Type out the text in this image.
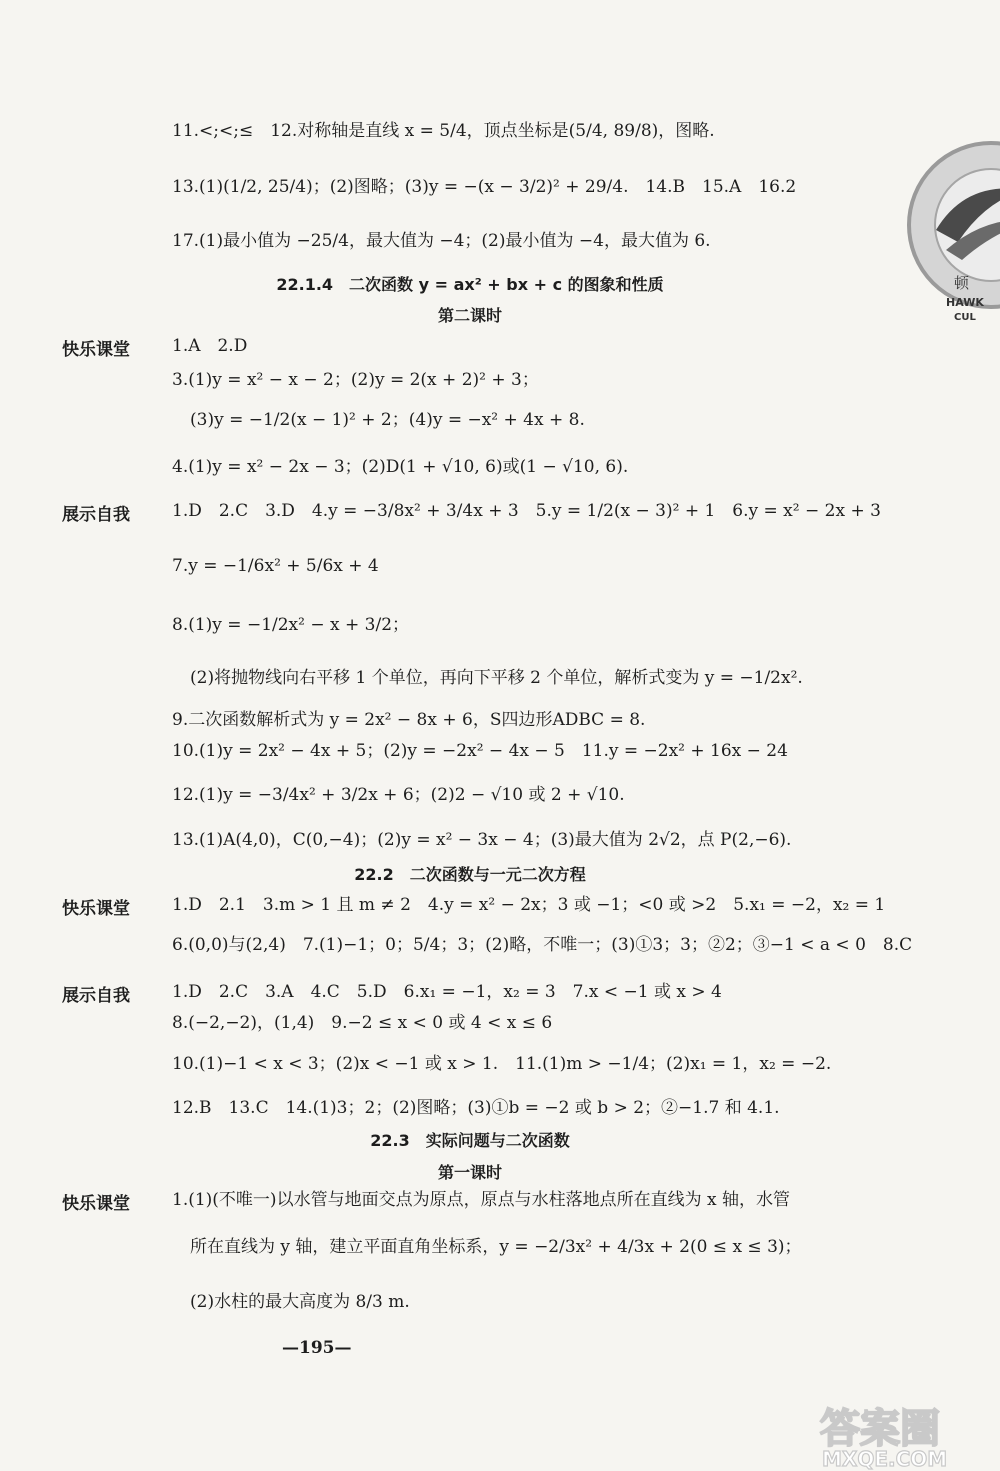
顿
HAWK
CUL
11.<;<;≤　12.对称轴是直线 x = 5/4，顶点坐标是(5/4, 89/8)，图略.
13.(1)(1/2, 25/4)；(2)图略；(3)y = −(x − 3/2)² + 29/4.　14.B　15.A　16.2
17.(1)最小值为 −25/4，最大值为 −4；(2)最小值为 −4，最大值为 6.
22.1.4　二次函数 y = ax² + bx + c 的图象和性质
第二课时
快乐课堂 1.A　2.D
3.(1)y = x² − x − 2；(2)y = 2(x + 2)² + 3；
(3)y = −1/2(x − 1)² + 2；(4)y = −x² + 4x + 8.
4.(1)y = x² − 2x − 3；(2)D(1 + √10, 6)或(1 − √10, 6).
展示自我 1.D　2.C　3.D　4.y = −3/8x² + 3/4x + 3　5.y = 1/2(x − 3)² + 1　6.y = x² − 2x + 3
7.y = −1/6x² + 5/6x + 4
8.(1)y = −1/2x² − x + 3/2；
(2)将抛物线向右平移 1 个单位，再向下平移 2 个单位，解析式变为 y = −1/2x².
9.二次函数解析式为 y = 2x² − 8x + 6，S四边形ADBC = 8.
10.(1)y = 2x² − 4x + 5；(2)y = −2x² − 4x − 5　11.y = −2x² + 16x − 24
12.(1)y = −3/4x² + 3/2x + 6；(2)2 − √10 或 2 + √10.
13.(1)A(4,0)，C(0,−4)；(2)y = x² − 3x − 4；(3)最大值为 2√2，点 P(2,−6).
22.2　二次函数与一元二次方程
快乐课堂 1.D　2.1　3.m > 1 且 m ≠ 2　4.y = x² − 2x；3 或 −1；<0 或 >2　5.x₁ = −2，x₂ = 1
6.(0,0)与(2,4)　7.(1)−1；0；5/4；3；(2)略，不唯一；(3)①3；3；②2；③−1 < a < 0　8.C
展示自我 1.D　2.C　3.A　4.C　5.D　6.x₁ = −1，x₂ = 3　7.x < −1 或 x > 4
8.(−2,−2)，(1,4)　9.−2 ≤ x < 0 或 4 < x ≤ 6
10.(1)−1 < x < 3；(2)x < −1 或 x > 1.　11.(1)m > −1/4；(2)x₁ = 1，x₂ = −2.
12.B　13.C　14.(1)3；2；(2)图略；(3)①b = −2 或 b > 2；②−1.7 和 4.1.
22.3　实际问题与二次函数
第一课时
快乐课堂 1.(1)(不唯一)以水管与地面交点为原点，原点与水柱落地点所在直线为 x 轴，水管
所在直线为 y 轴，建立平面直角坐标系，y = −2/3x² + 4/3x + 2(0 ≤ x ≤ 3)；
(2)水柱的最大高度为 8/3 m.
—195—
答案圈
MXQE.COM
